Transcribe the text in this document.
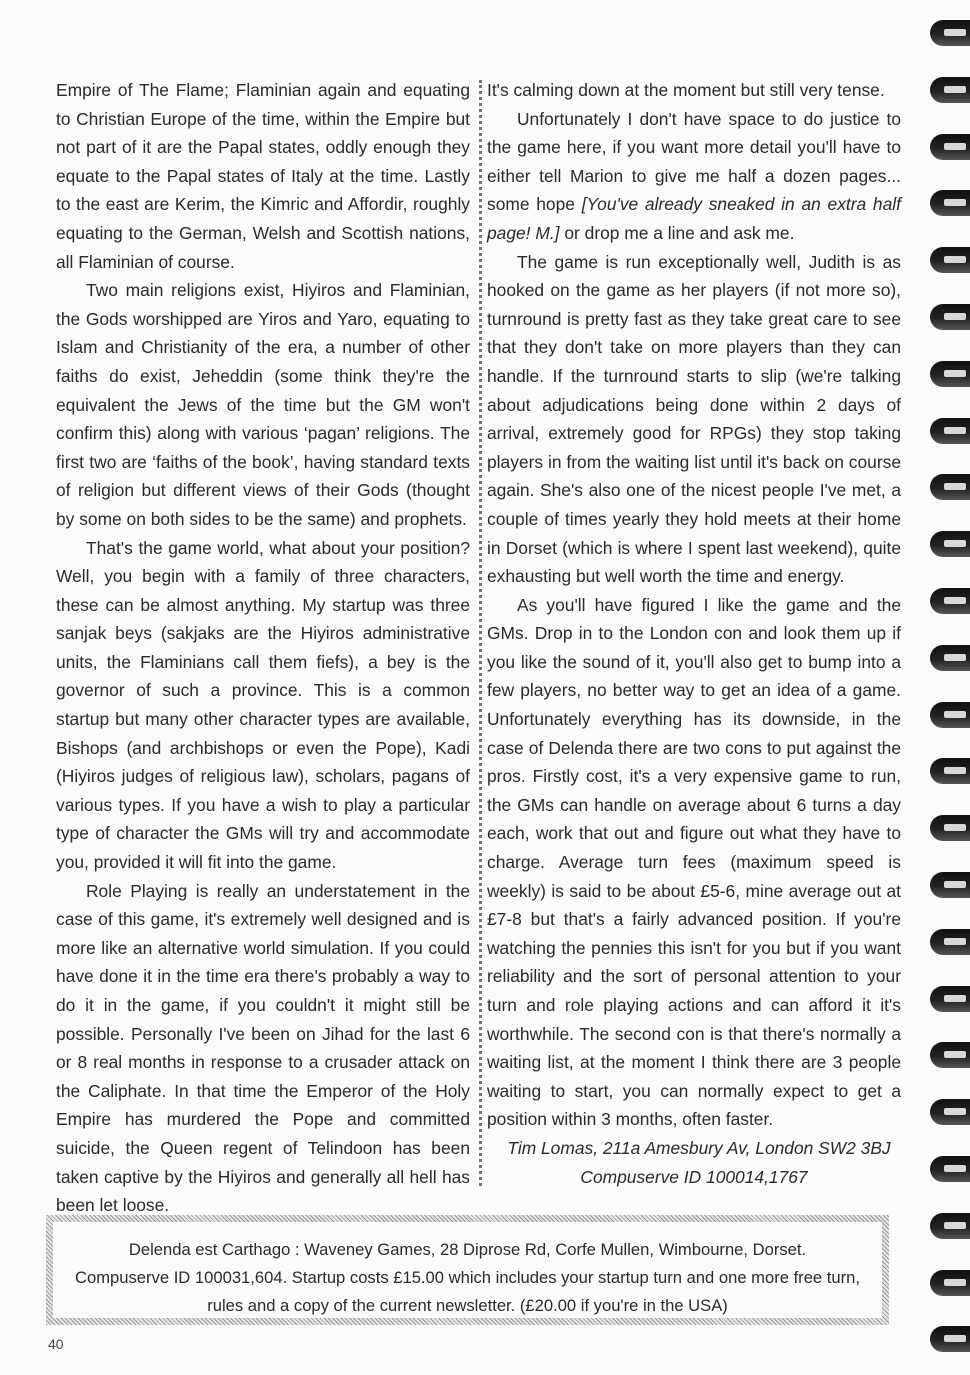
Empire of The Flame; Flaminian again and equating to Christian Europe of the time, within the Empire but not part of it are the Papal states, oddly enough they equate to the Papal states of Italy at the time. Lastly to the east are Kerim, the Kimric and Affordir, roughly equating to the German, Welsh and Scottish nations, all Flaminian of course.

Two main religions exist, Hiyiros and Flaminian, the Gods worshipped are Yiros and Yaro, equating to Islam and Christianity of the era, a number of other faiths do exist, Jeheddin (some think they're the equivalent the Jews of the time but the GM won't confirm this) along with various ‘pagan’ religions. The first two are ‘faiths of the book’, having standard texts of religion but different views of their Gods (thought by some on both sides to be the same) and prophets.

That's the game world, what about your position? Well, you begin with a family of three characters, these can be almost anything. My startup was three sanjak beys (sakjaks are the Hiyiros administrative units, the Flaminians call them fiefs), a bey is the governor of such a province. This is a common startup but many other character types are available, Bishops (and archbishops or even the Pope), Kadi (Hiyiros judges of religious law), scholars, pagans of various types. If you have a wish to play a particular type of character the GMs will try and accommodate you, provided it will fit into the game.

Role Playing is really an understatement in the case of this game, it's extremely well designed and is more like an alternative world simulation. If you could have done it in the time era there's probably a way to do it in the game, if you couldn't it might still be possible. Personally I've been on Jihad for the last 6 or 8 real months in response to a crusader attack on the Caliphate. In that time the Emperor of the Holy Empire has murdered the Pope and committed suicide, the Queen regent of Telindoon has been taken captive by the Hiyiros and generally all hell has been let loose.

It's calming down at the moment but still very tense.

Unfortunately I don't have space to do justice to the game here, if you want more detail you'll have to either tell Marion to give me half a dozen pages... some hope [You've already sneaked in an extra half page! M.] or drop me a line and ask me.

The game is run exceptionally well, Judith is as hooked on the game as her players (if not more so), turnround is pretty fast as they take great care to see that they don't take on more players than they can handle. If the turnround starts to slip (we're talking about adjudications being done within 2 days of arrival, extremely good for RPGs) they stop taking players in from the waiting list until it's back on course again. She's also one of the nicest people I've met, a couple of times yearly they hold meets at their home in Dorset (which is where I spent last weekend), quite exhausting but well worth the time and energy.

As you'll have figured I like the game and the GMs. Drop in to the London con and look them up if you like the sound of it, you'll also get to bump into a few players, no better way to get an idea of a game. Unfortunately everything has its downside, in the case of Delenda there are two cons to put against the pros. Firstly cost, it's a very expensive game to run, the GMs can handle on average about 6 turns a day each, work that out and figure out what they have to charge. Average turn fees (maximum speed is weekly) is said to be about £5-6, mine average out at £7-8 but that's a fairly advanced position. If you're watching the pennies this isn't for you but if you want reliability and the sort of personal attention to your turn and role playing actions and can afford it it's worthwhile. The second con is that there's normally a waiting list, at the moment I think there are 3 people waiting to start, you can normally expect to get a position within 3 months, often faster.

Tim Lomas, 211a Amesbury Av, London SW2 3BJ

Compuserve ID 100014,1767

Delenda est Carthago : Waveney Games, 28 Diprose Rd, Corfe Mullen, Wimbourne, Dorset.
Compuserve ID 100031,604. Startup costs £15.00 which includes your startup turn and one more free turn,
rules and a copy of the current newsletter. (£20.00 if you're in the USA)
40
